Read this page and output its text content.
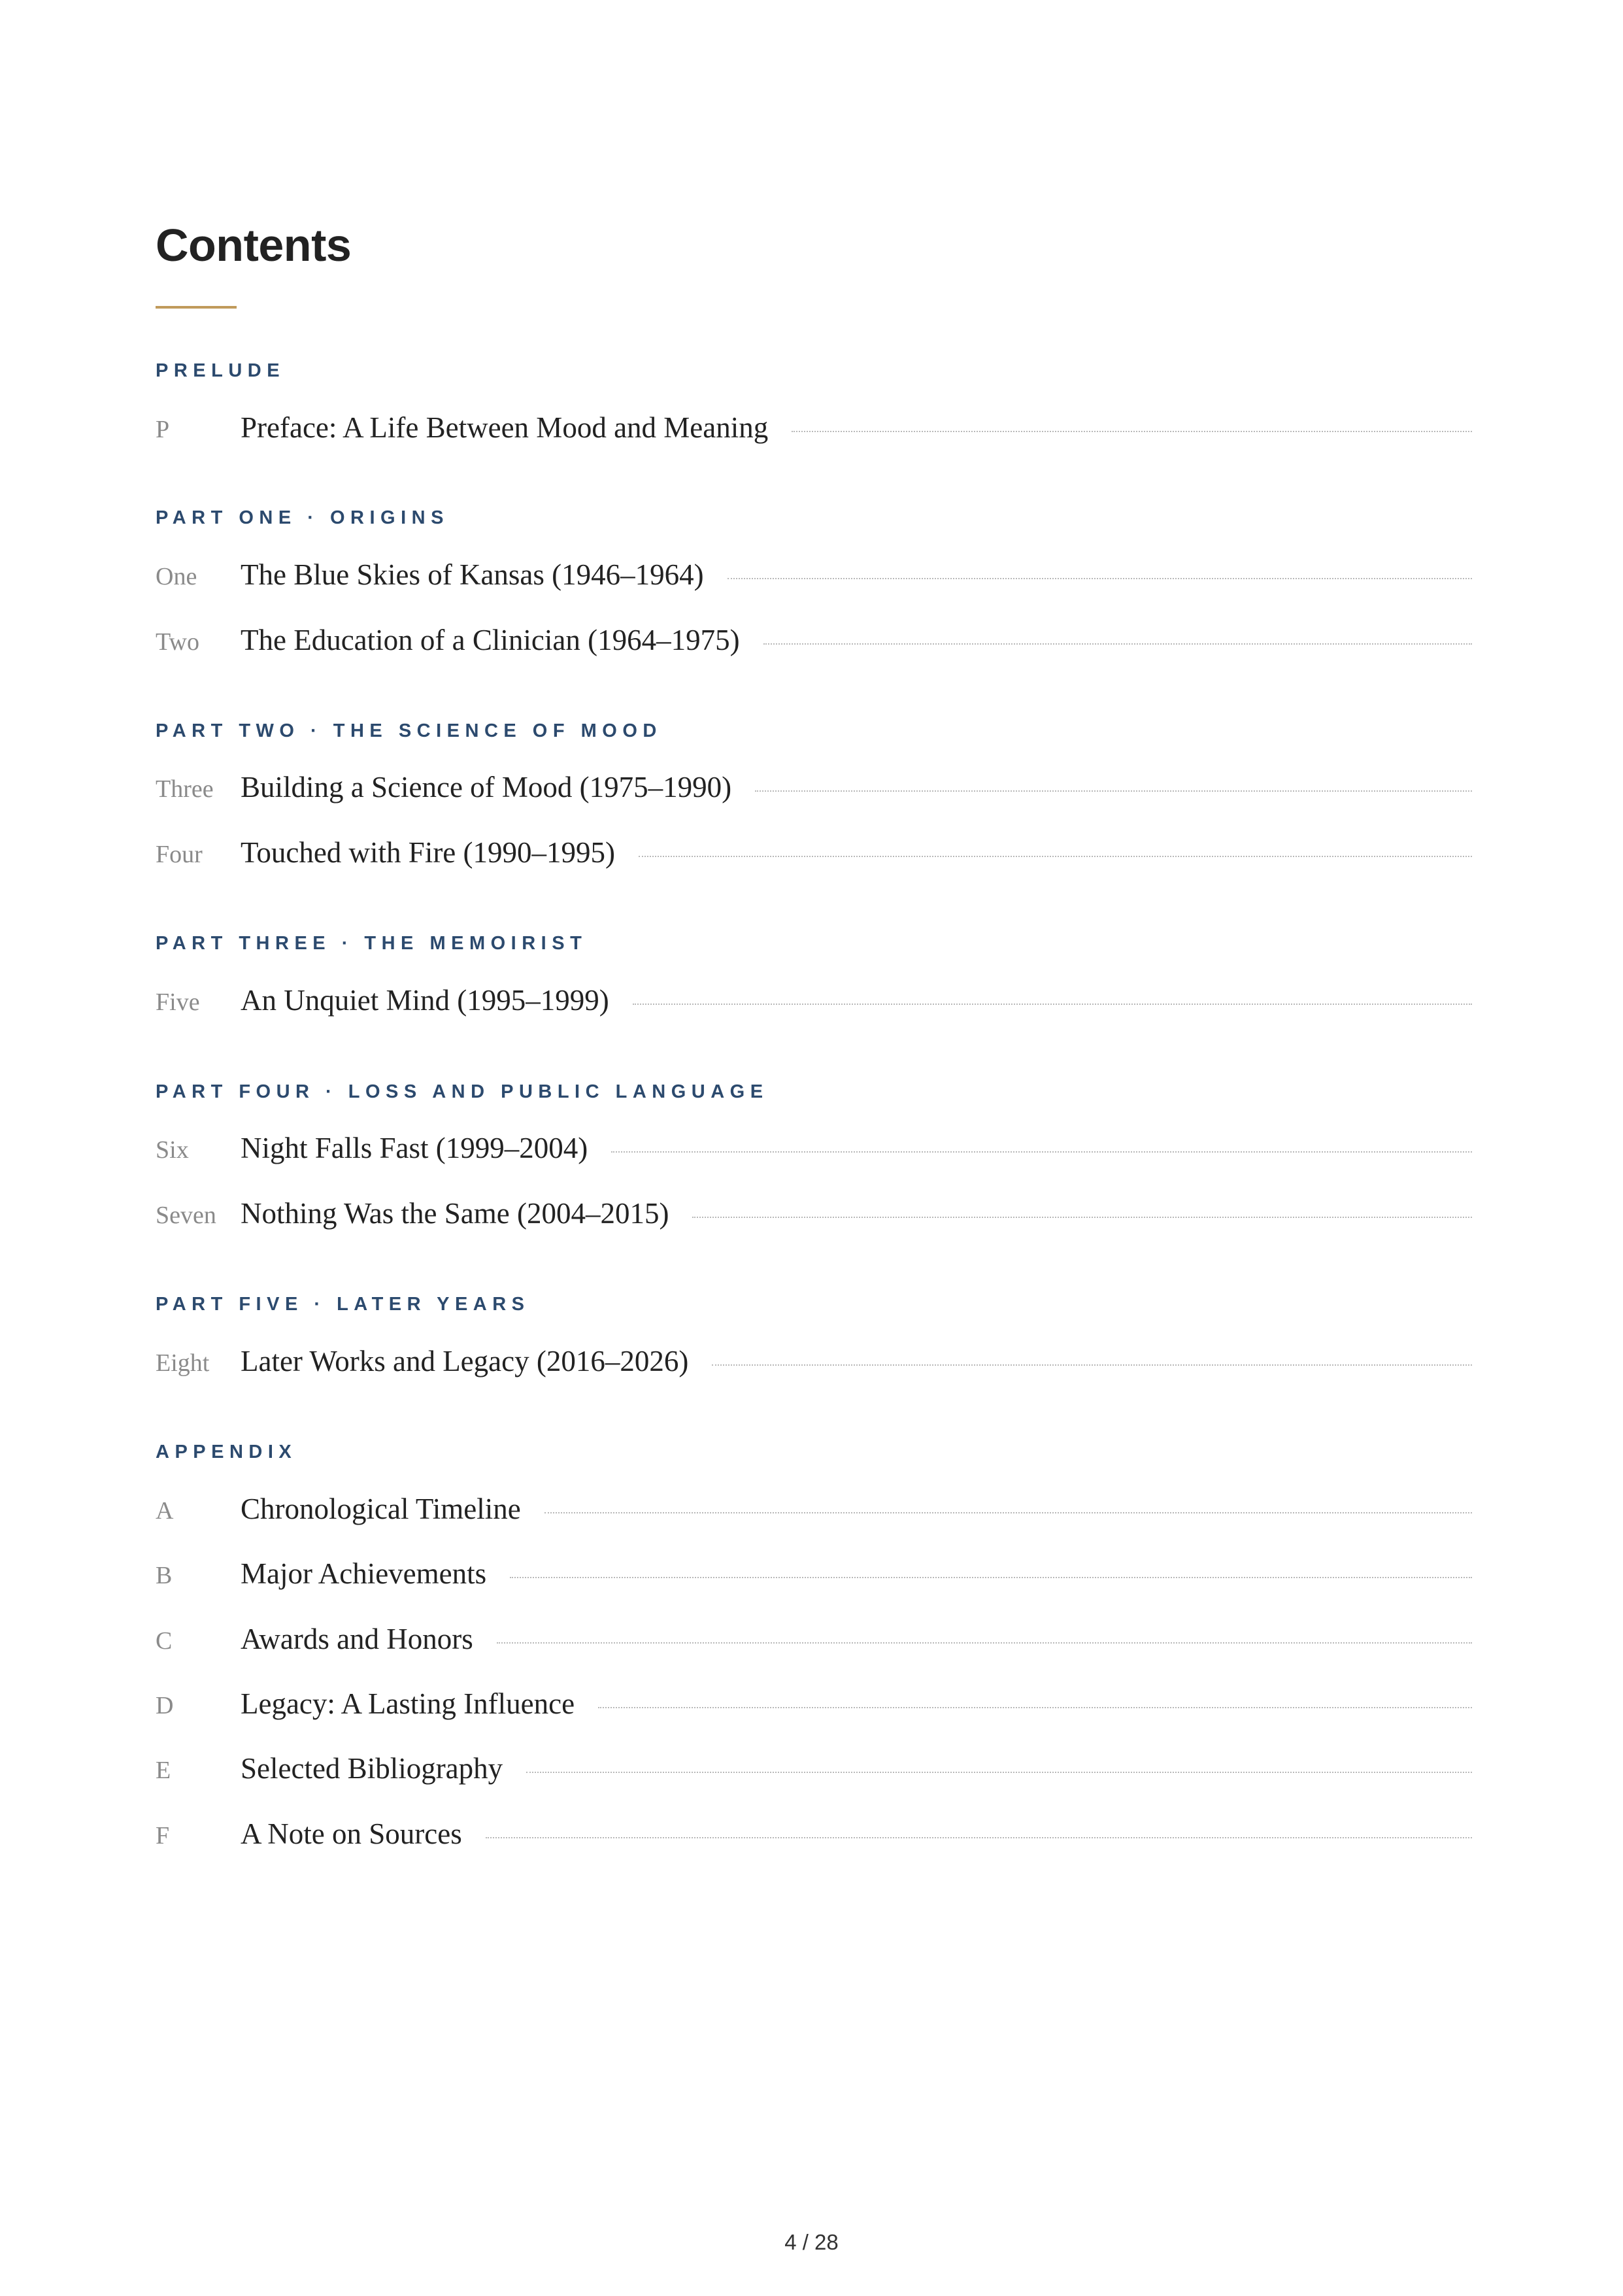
Contents
PRELUDE
P	Preface: A Life Between Mood and Meaning
PART ONE · ORIGINS
One	The Blue Skies of Kansas (1946–1964)
Two	The Education of a Clinician (1964–1975)
PART TWO · THE SCIENCE OF MOOD
Three Building a Science of Mood (1975–1990)
Four	Touched with Fire (1990–1995)
PART THREE · THE MEMOIRIST
Five	An Unquiet Mind (1995–1999)
PART FOUR · LOSS AND PUBLIC LANGUAGE
Six	Night Falls Fast (1999–2004)
Seven Nothing Was the Same (2004–2015)
PART FIVE · LATER YEARS
Eight	Later Works and Legacy (2016–2026)
APPENDIX
A	Chronological Timeline
B	Major Achievements
C	Awards and Honors
D	Legacy: A Lasting Influence
E	Selected Bibliography
F	A Note on Sources
4 / 28
